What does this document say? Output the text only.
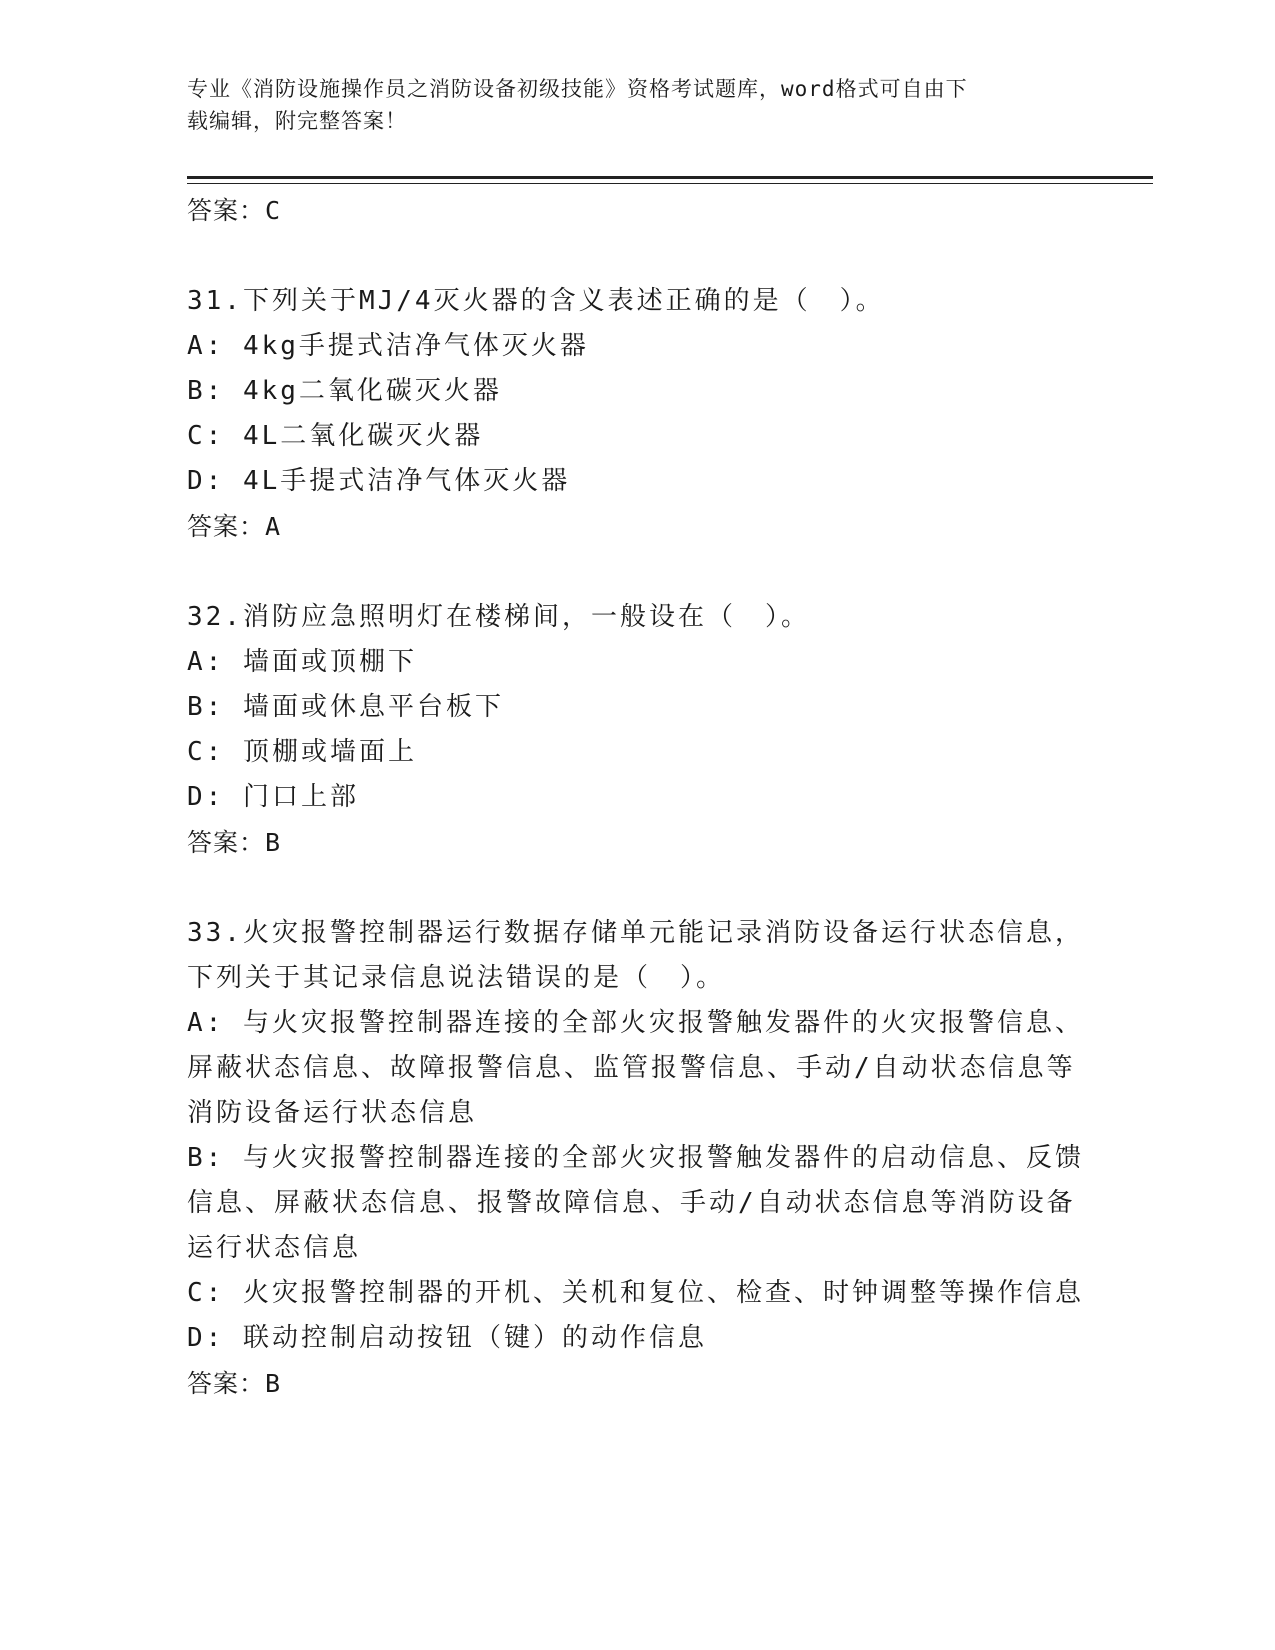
专业《消防设施操作员之消防设备初级技能》资格考试题库，word格式可自由下
载编辑，附完整答案！

答案：C

31.下列关于MJ/4灭火器的含义表述正确的是（　）。

A: 4kg手提式洁净气体灭火器

B: 4kg二氧化碳灭火器

C: 4L二氧化碳灭火器

D: 4L手提式洁净气体灭火器

答案：A

32.消防应急照明灯在楼梯间，一般设在（　）。

A: 墙面或顶棚下

B: 墙面或休息平台板下

C: 顶棚或墙面上

D: 门口上部

答案：B

33.火灾报警控制器运行数据存储单元能记录消防设备运行状态信息，

下列关于其记录信息说法错误的是（　）。

A: 与火灾报警控制器连接的全部火灾报警触发器件的火灾报警信息、

屏蔽状态信息、故障报警信息、监管报警信息、手动/自动状态信息等

消防设备运行状态信息

B: 与火灾报警控制器连接的全部火灾报警触发器件的启动信息、反馈

信息、屏蔽状态信息、报警故障信息、手动/自动状态信息等消防设备

运行状态信息

C: 火灾报警控制器的开机、关机和复位、检查、时钟调整等操作信息

D: 联动控制启动按钮（键）的动作信息

答案：B
